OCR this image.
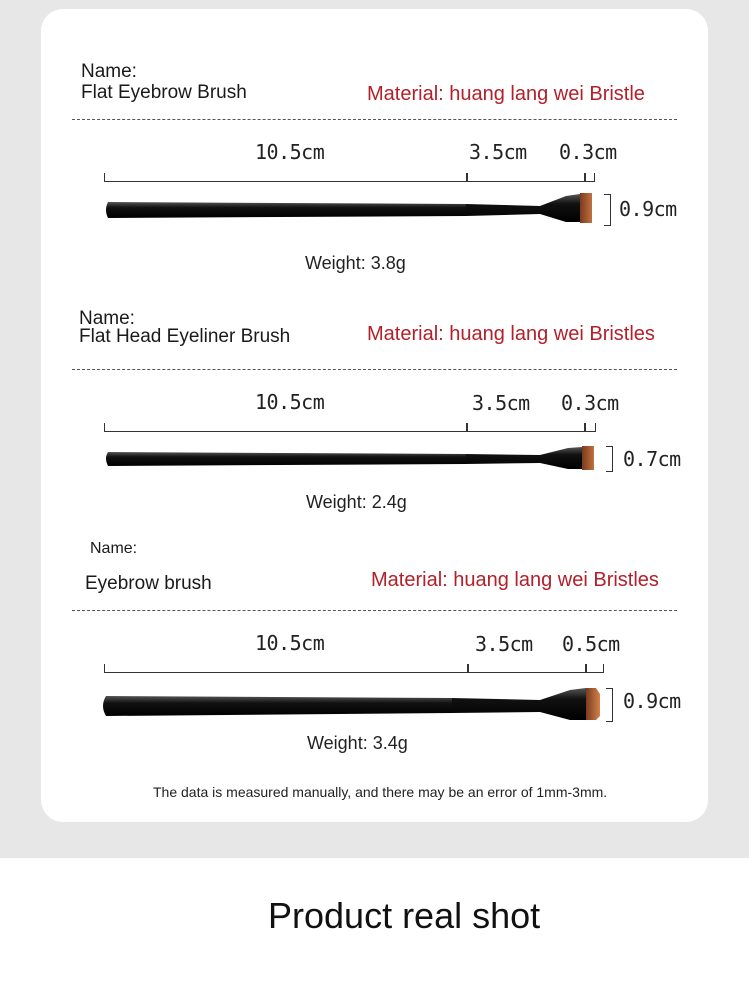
Name:
Flat Eyebrow Brush	Material: huang lang wei Bristle
10.5cm	3.5cm 0.3cm
0.9cm
Weight: 3.8g
Name:
Flat Head Eyeliner Brush	Material: huang lang wei Bristles
10.5cm	3.5cm 0.3cm
0.7cm
Weight: 2.4g
Name:
Eyebrow brush	Material: huang lang wei Bristles
10.5cm	3.5cm 0.5cm
0.9cm
Weight: 3.4g
The data is measured manually, and there may be an error of 1mm-3mm.
Product real shot
